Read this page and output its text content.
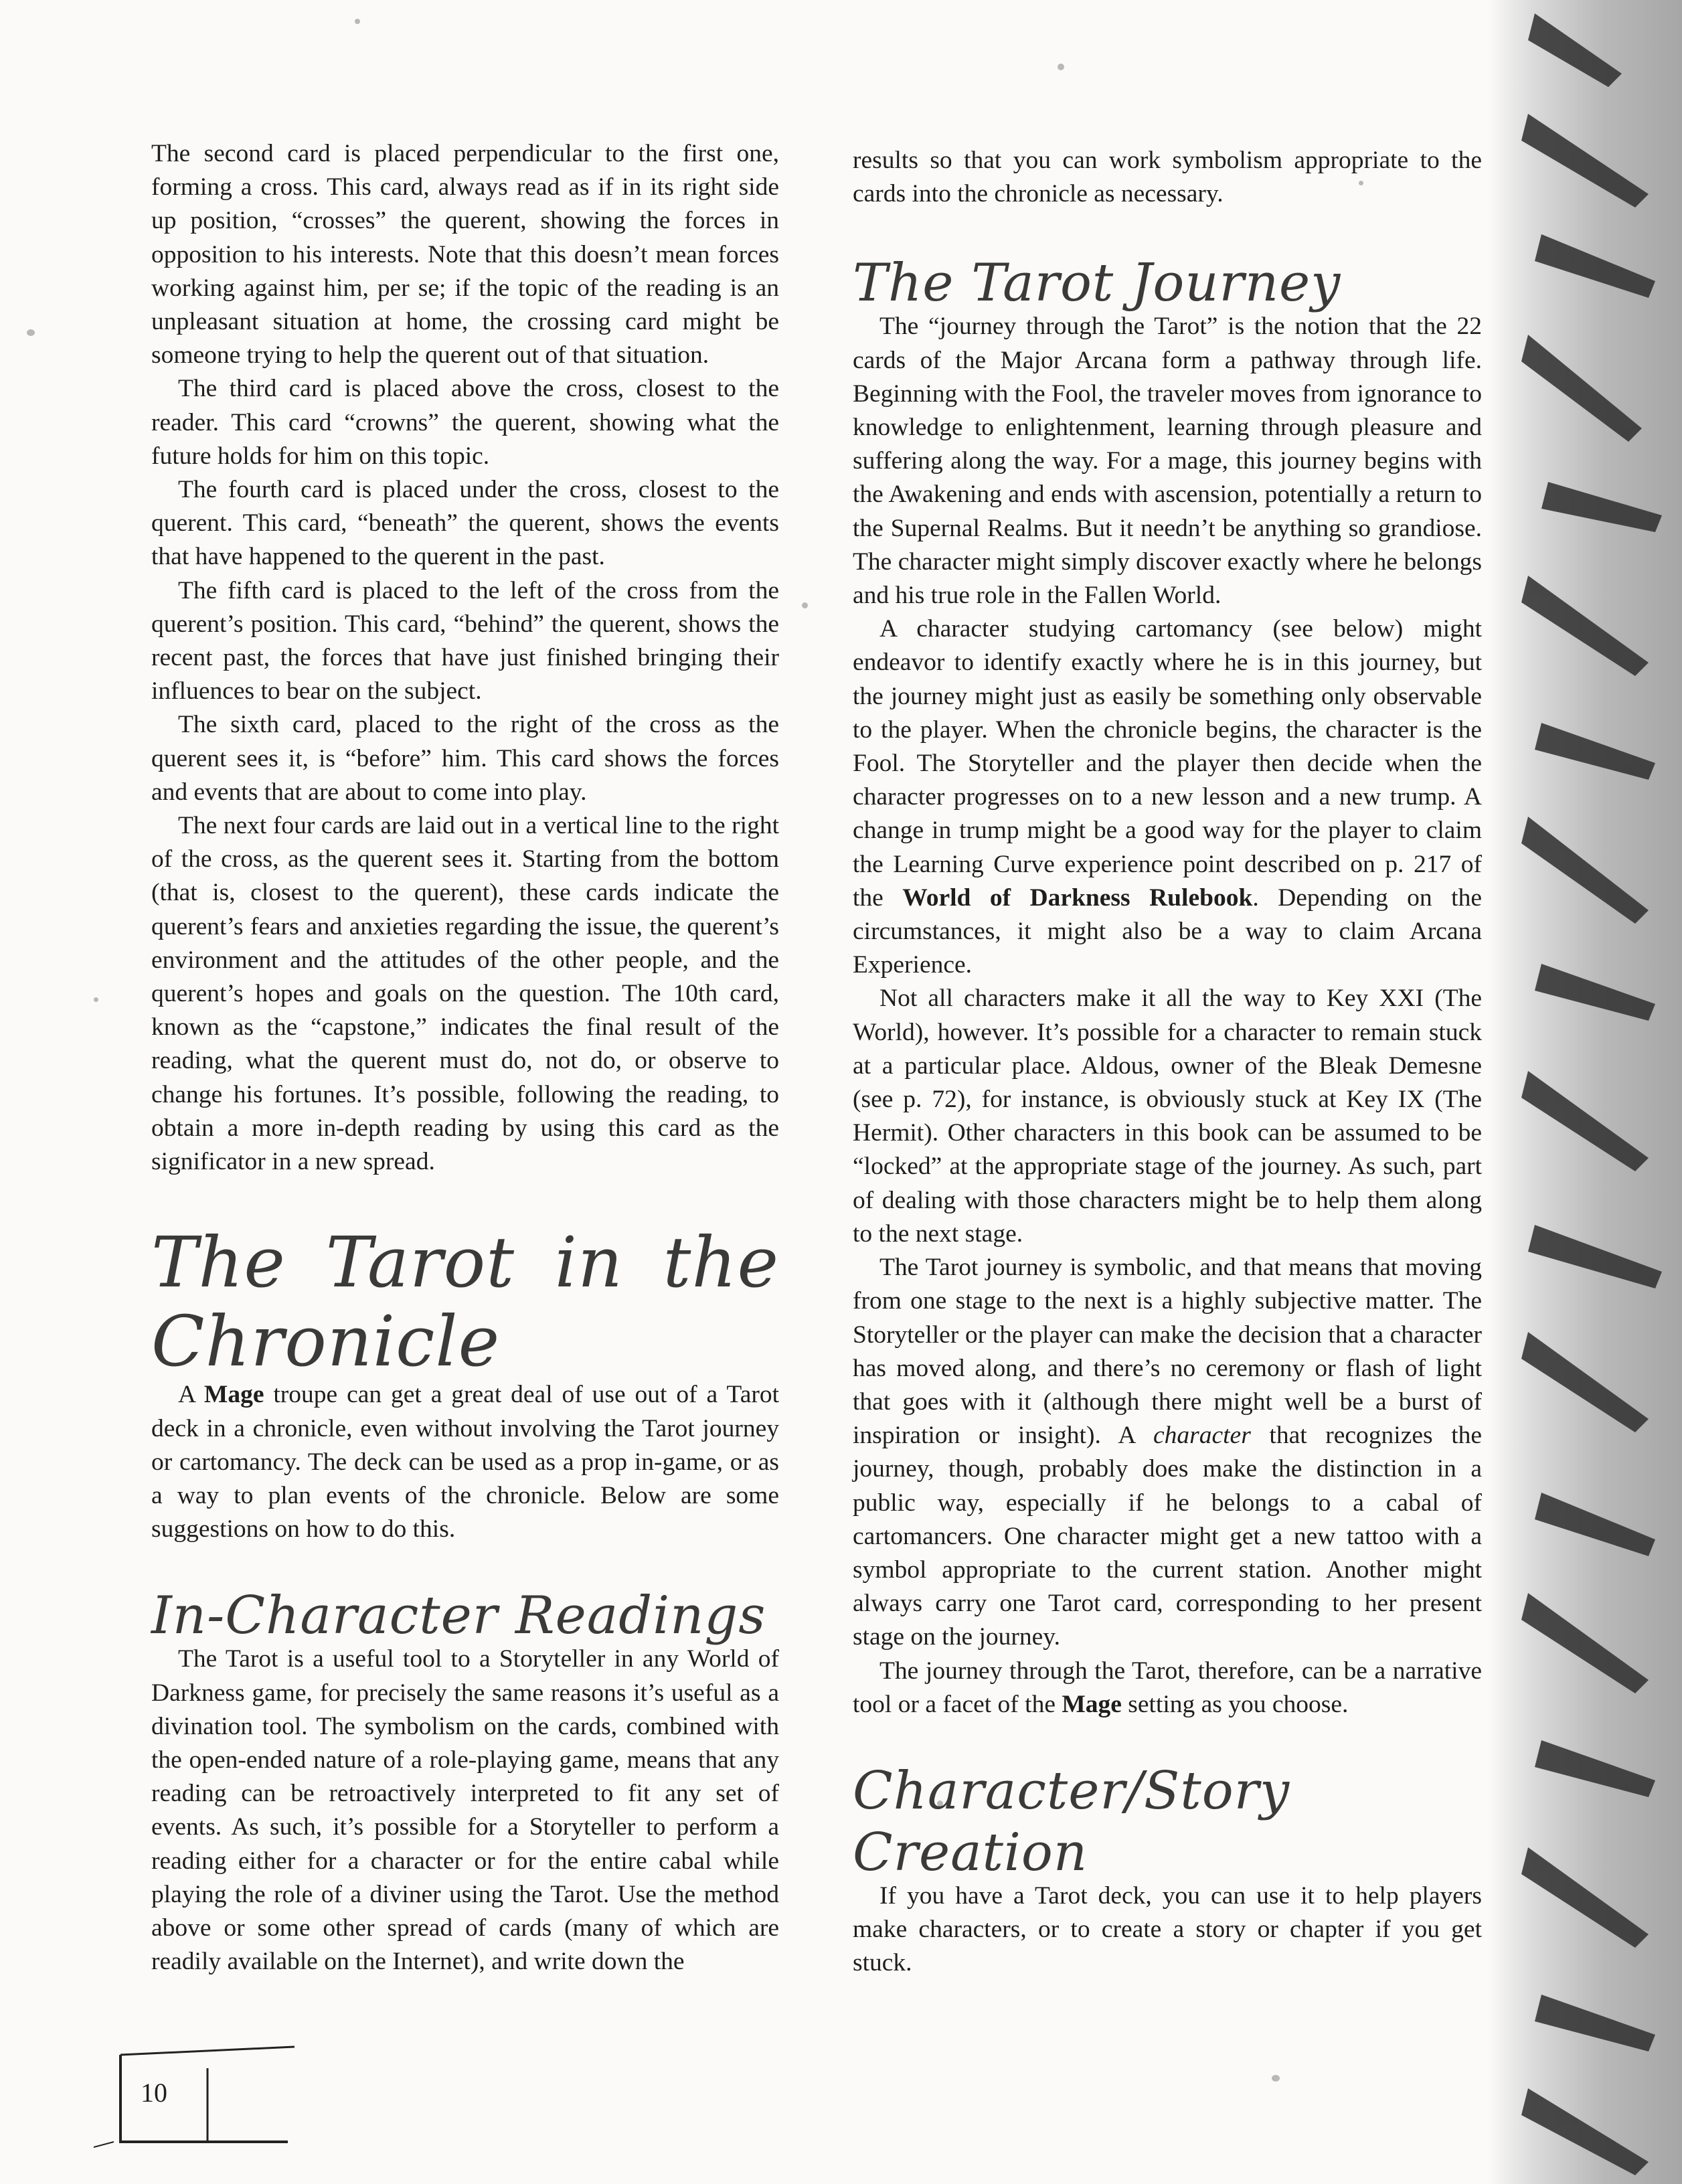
The second card is placed perpendicular to the first one, forming a cross. This card, always read as if in its right side up position, “crosses” the querent, showing the forces in opposition to his interests. Note that this doesn’t mean forces working against him, per se; if the topic of the reading is an unpleasant situation at home, the crossing card might be someone trying to help the querent out of that situation.

The third card is placed above the cross, closest to the reader. This card “crowns” the querent, showing what the future holds for him on this topic.

The fourth card is placed under the cross, closest to the querent. This card, “beneath” the querent, shows the events that have happened to the querent in the past.

The fifth card is placed to the left of the cross from the querent’s position. This card, “behind” the querent, shows the recent past, the forces that have just finished bringing their influences to bear on the subject.

The sixth card, placed to the right of the cross as the querent sees it, is “before” him. This card shows the forces and events that are about to come into play.

The next four cards are laid out in a vertical line to the right of the cross, as the querent sees it. Starting from the bottom (that is, closest to the querent), these cards indicate the querent’s fears and anxieties regarding the issue, the querent’s environment and the attitudes of the other people, and the querent’s hopes and goals on the question. The 10th card, known as the “capstone,” indicates the final result of the reading, what the querent must do, not do, or observe to change his fortunes. It’s possible, following the reading, to obtain a more in-depth reading by using this card as the significator in a new spread.

The Tarot in the Chronicle

A Mage troupe can get a great deal of use out of a Tarot deck in a chronicle, even without involving the Tarot journey or cartomancy. The deck can be used as a prop in-game, or as a way to plan events of the chronicle. Below are some suggestions on how to do this.

In-Character Readings

The Tarot is a useful tool to a Storyteller in any World of Darkness game, for precisely the same reasons it’s useful as a divination tool. The symbolism on the cards, combined with the open-ended nature of a role-playing game, means that any reading can be retroactively interpreted to fit any set of events. As such, it’s possible for a Storyteller to perform a reading either for a character or for the entire cabal while playing the role of a diviner using the Tarot. Use the method above or some other spread of cards (many of which are readily available on the Internet), and write down the

results so that you can work symbolism appropriate to the cards into the chronicle as necessary.

The Tarot Journey

The “journey through the Tarot” is the notion that the 22 cards of the Major Arcana form a pathway through life. Beginning with the Fool, the traveler moves from ignorance to knowledge to enlightenment, learning through pleasure and suffering along the way. For a mage, this journey begins with the Awakening and ends with ascension, potentially a return to the Supernal Realms. But it needn’t be anything so grandiose. The character might simply discover exactly where he belongs and his true role in the Fallen World.

A character studying cartomancy (see below) might endeavor to identify exactly where he is in this journey, but the journey might just as easily be something only observable to the player. When the chronicle begins, the character is the Fool. The Storyteller and the player then decide when the character progresses on to a new lesson and a new trump. A change in trump might be a good way for the player to claim the Learning Curve experience point described on p. 217 of the World of Darkness Rulebook. Depending on the circumstances, it might also be a way to claim Arcana Experience.

Not all characters make it all the way to Key XXI (The World), however. It’s possible for a character to remain stuck at a particular place. Aldous, owner of the Bleak Demesne (see p. 72), for instance, is obviously stuck at Key IX (The Hermit). Other characters in this book can be assumed to be “locked” at the appropriate stage of the journey. As such, part of dealing with those characters might be to help them along to the next stage.

The Tarot journey is symbolic, and that means that moving from one stage to the next is a highly subjective matter. The Storyteller or the player can make the decision that a character has moved along, and there’s no ceremony or flash of light that goes with it (although there might well be a burst of inspiration or insight). A character that recognizes the journey, though, probably does make the distinction in a public way, especially if he belongs to a cabal of cartomancers. One character might get a new tattoo with a symbol appropriate to the current station. Another might always carry one Tarot card, corresponding to her present stage on the journey.

The journey through the Tarot, therefore, can be a narrative tool or a facet of the Mage setting as you choose.

Character/Story Creation

If you have a Tarot deck, you can use it to help players make characters, or to create a story or chapter if you get stuck.

10
